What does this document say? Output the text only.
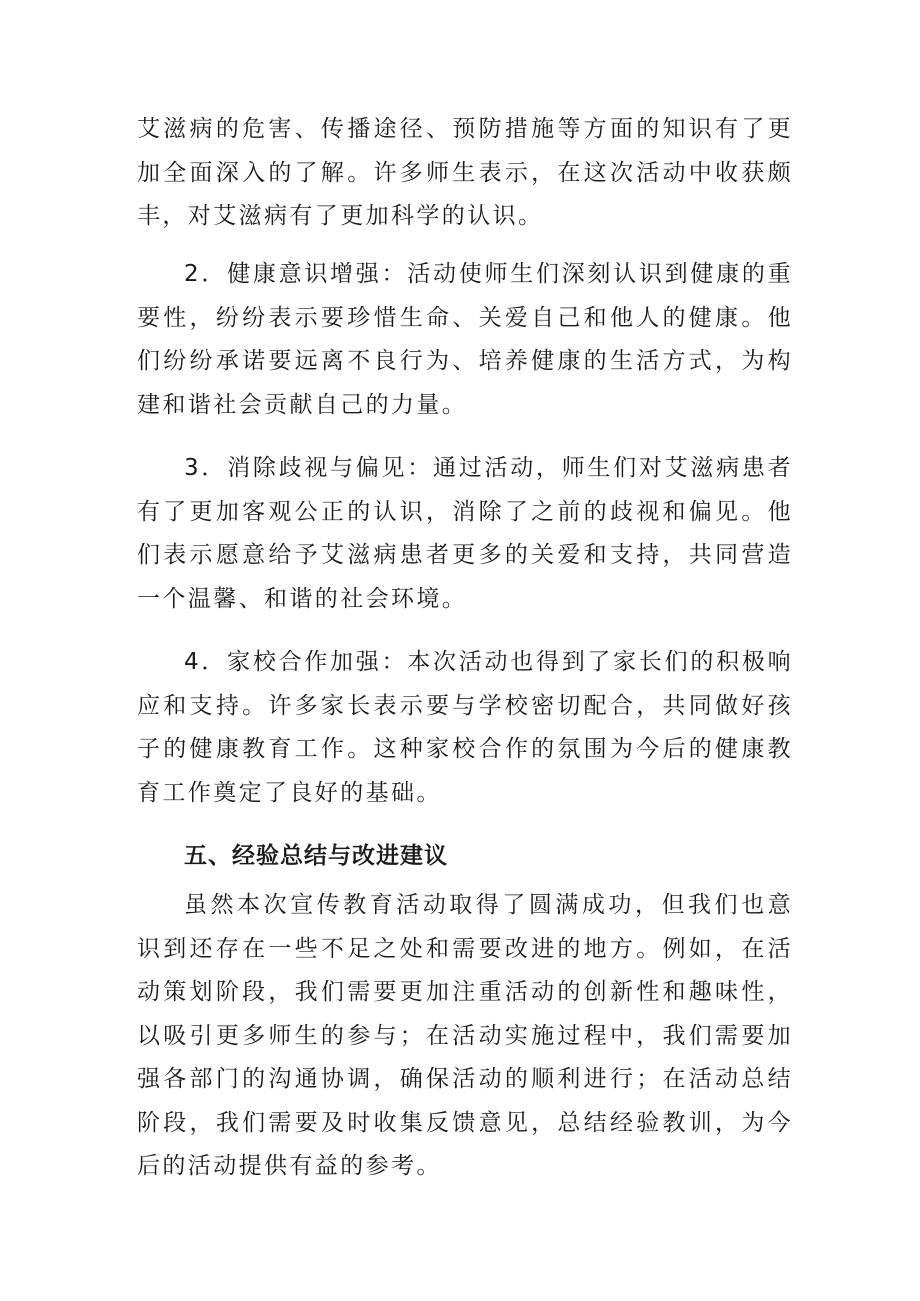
艾滋病的危害、传播途径、预防措施等方面的知识有了更加全面深入的了解。许多师生表示，在这次活动中收获颇丰，对艾滋病有了更加科学的认识。

2．健康意识增强：活动使师生们深刻认识到健康的重要性，纷纷表示要珍惜生命、关爱自己和他人的健康。他们纷纷承诺要远离不良行为、培养健康的生活方式，为构建和谐社会贡献自己的力量。

3．消除歧视与偏见：通过活动，师生们对艾滋病患者有了更加客观公正的认识，消除了之前的歧视和偏见。他们表示愿意给予艾滋病患者更多的关爱和支持，共同营造一个温馨、和谐的社会环境。

4．家校合作加强：本次活动也得到了家长们的积极响应和支持。许多家长表示要与学校密切配合，共同做好孩子的健康教育工作。这种家校合作的氛围为今后的健康教育工作奠定了良好的基础。

五、经验总结与改进建议

虽然本次宣传教育活动取得了圆满成功，但我们也意识到还存在一些不足之处和需要改进的地方。例如，在活动策划阶段，我们需要更加注重活动的创新性和趣味性，以吸引更多师生的参与；在活动实施过程中，我们需要加强各部门的沟通协调，确保活动的顺利进行；在活动总结阶段，我们需要及时收集反馈意见，总结经验教训，为今后的活动提供有益的参考。
